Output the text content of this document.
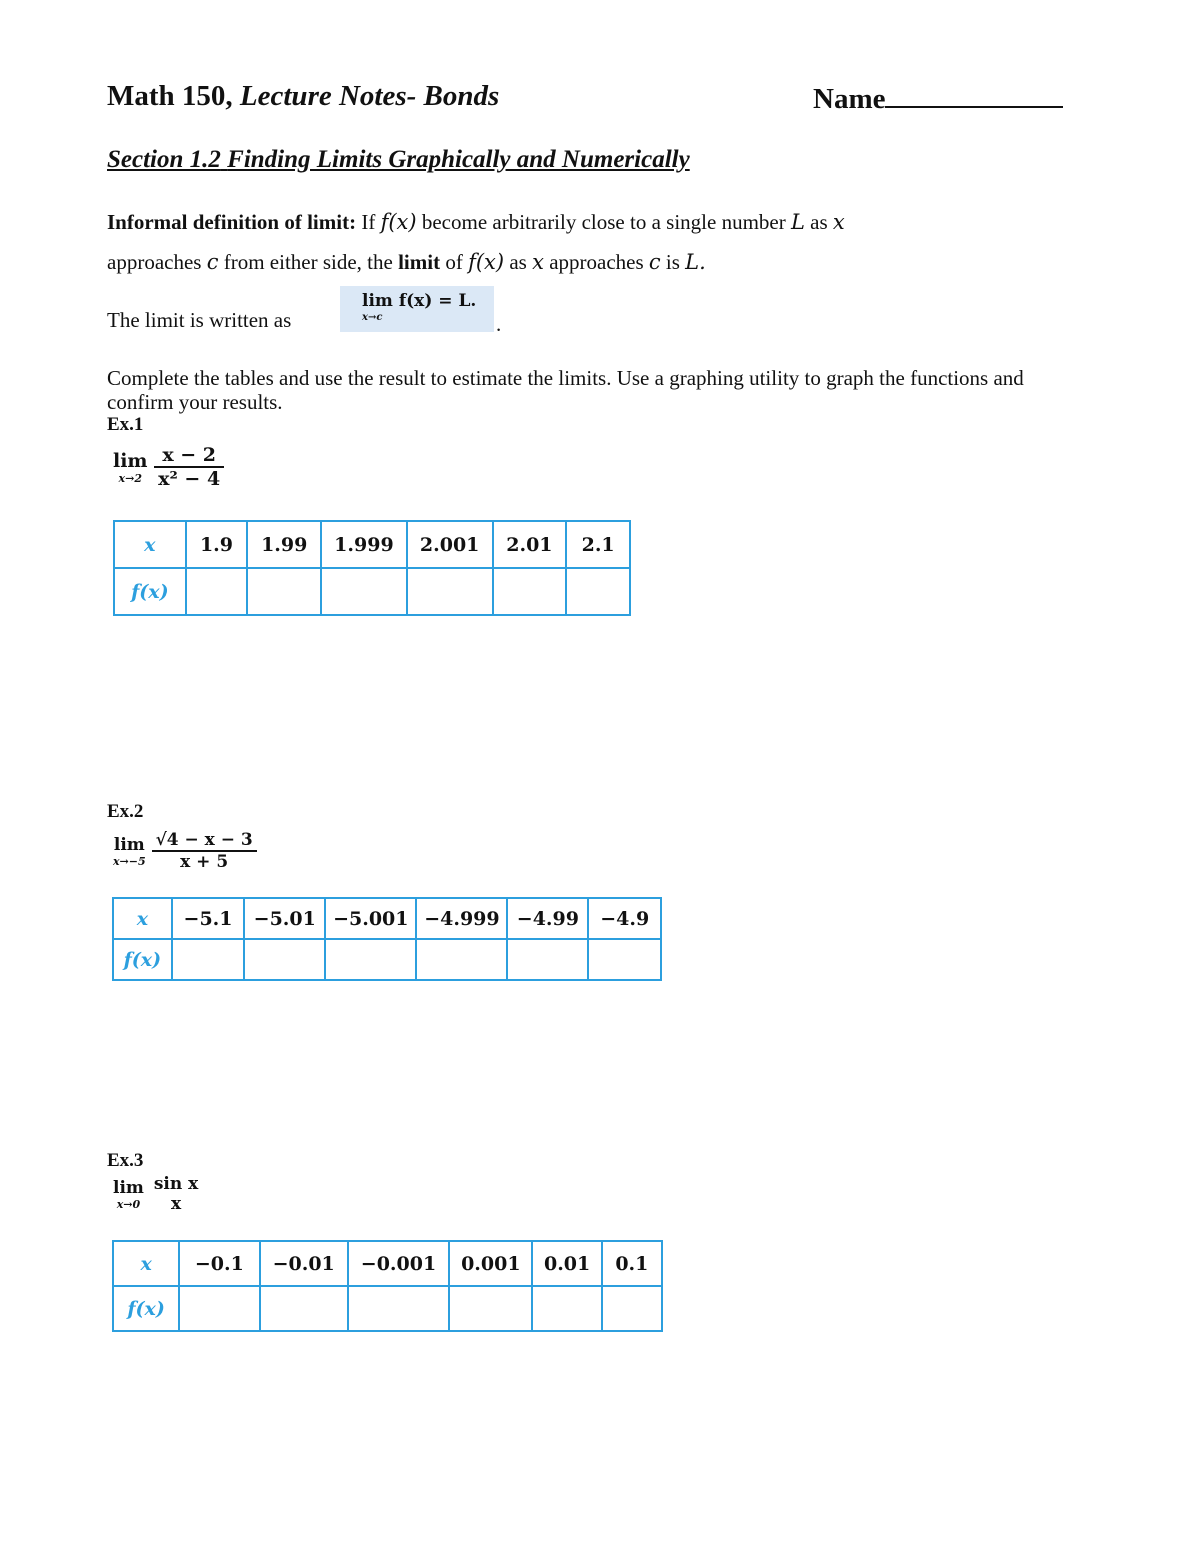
Math 150, Lecture Notes- Bonds	Name
Section 1.2 Finding Limits Graphically and Numerically
Informal definition of limit: If f(x) become arbitrarily close to a single number L as x
approaches c from either side, the limit of f(x) as x approaches c is L.
The limit is written as
lim f(x) = L.
x→c	.
Complete the tables and use the result to estimate the limits. Use a graphing utility to graph the functions and confirm your results.
Ex.1
lim
x→2
$\frac{x - 2}{\text{x² − 4}}$
x	1.9	1.99	1.999	2.001	2.01	2.1
f(x)						
Ex.2
lim
x→−5
$\frac{√4 - x - 3}{x + 5}$
x	−5.1	−5.01	−5.001	−4.999	−4.99	−4.9
f(x)						
Ex.3
lim
x→0

sin x
x
x	−0.1	−0.01	−0.001	0.001	0.01	0.1
f(x)						
